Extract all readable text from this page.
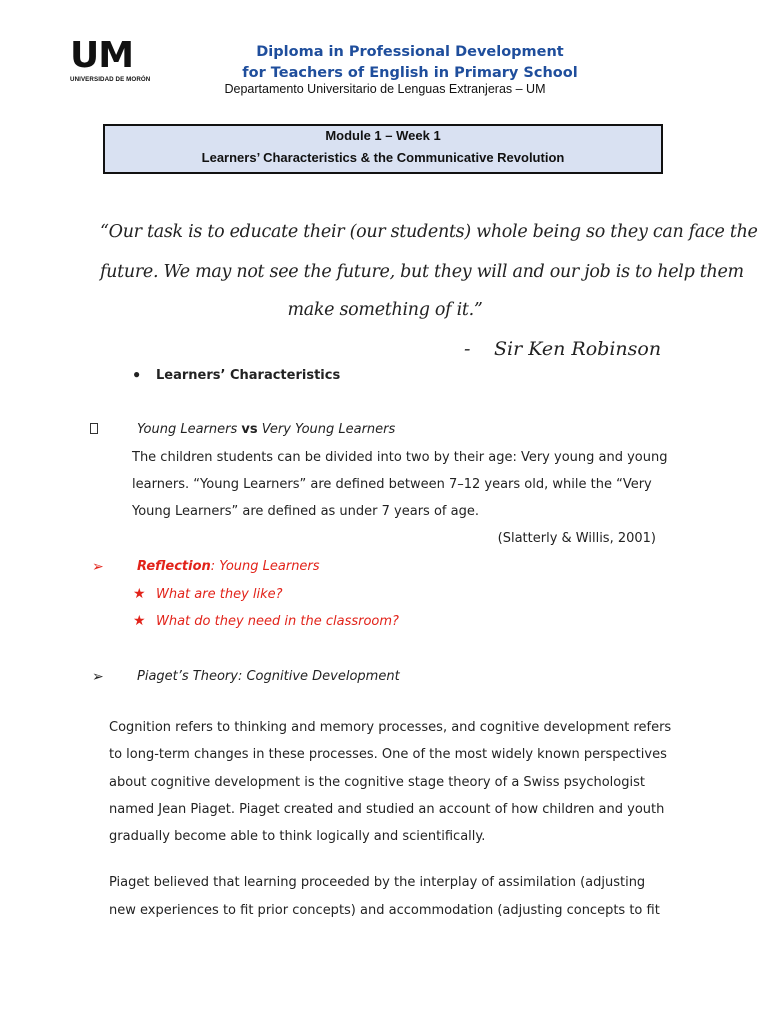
UM
UNIVERSIDAD DE MORÓN
Diploma in Professional Development
for Teachers of English in Primary School
Departamento Universitario de Lenguas Extranjeras – UM
Module 1 – Week 1
Learners’ Characteristics & the Communicative Revolution
“Our task is to educate their (our students) whole being so they can face the
future. We may not see the future, but they will and our job is to help them
make something of it.”
- Sir Ken Robinson
● Learners’ Characteristics
Young Learners vs Very Young Learners
The children students can be divided into two by their age: Very young and young
learners. “Young Learners” are defined between 7–12 years old, while the “Very
Young Learners” are defined as under 7 years of age.
(Slatterly & Willis, 2001)
➢	Reflection: Young Learners
★ What are they like?
★ What do they need in the classroom?
➢	Piaget’s Theory: Cognitive Development
Cognition refers to thinking and memory processes, and cognitive development refers
to long-term changes in these processes. One of the most widely known perspectives
about cognitive development is the cognitive stage theory of a Swiss psychologist
named Jean Piaget. Piaget created and studied an account of how children and youth
gradually become able to think logically and scientifically.
Piaget believed that learning proceeded by the interplay of assimilation (adjusting
new experiences to fit prior concepts) and accommodation (adjusting concepts to fit
